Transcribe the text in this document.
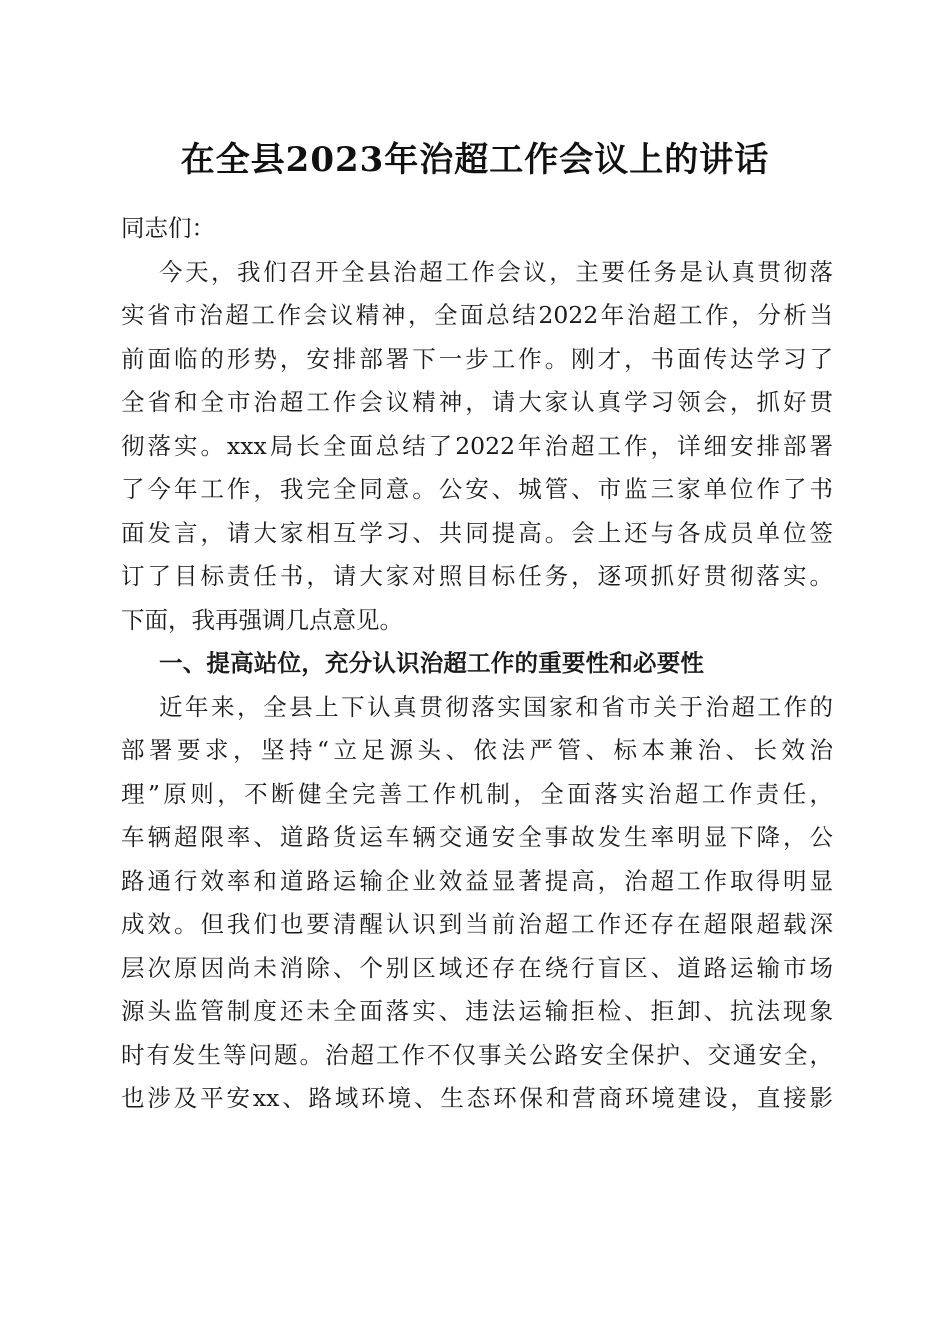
在全县2023年治超工作会议上的讲话
同志们：
今天，我们召开全县治超工作会议，主要任务是认真贯彻落
实省市治超工作会议精神，全面总结2022年治超工作，分析当
前面临的形势，安排部署下一步工作。刚才，书面传达学习了
全省和全市治超工作会议精神，请大家认真学习领会，抓好贯
彻落实。xxx局长全面总结了2022年治超工作，详细安排部署
了今年工作，我完全同意。公安、城管、市监三家单位作了书
面发言，请大家相互学习、共同提高。会上还与各成员单位签
订了目标责任书，请大家对照目标任务，逐项抓好贯彻落实。
下面，我再强调几点意见。
一、提高站位，充分认识治超工作的重要性和必要性
近年来，全县上下认真贯彻落实国家和省市关于治超工作的
部署要求，坚持“立足源头、依法严管、标本兼治、长效治
理”原则，不断健全完善工作机制，全面落实治超工作责任，
车辆超限率、道路货运车辆交通安全事故发生率明显下降，公
路通行效率和道路运输企业效益显著提高，治超工作取得明显
成效。但我们也要清醒认识到当前治超工作还存在超限超载深
层次原因尚未消除、个别区域还存在绕行盲区、道路运输市场
源头监管制度还未全面落实、违法运输拒检、拒卸、抗法现象
时有发生等问题。治超工作不仅事关公路安全保护、交通安全，
也涉及平安xx、路域环境、生态环保和营商环境建设，直接影
